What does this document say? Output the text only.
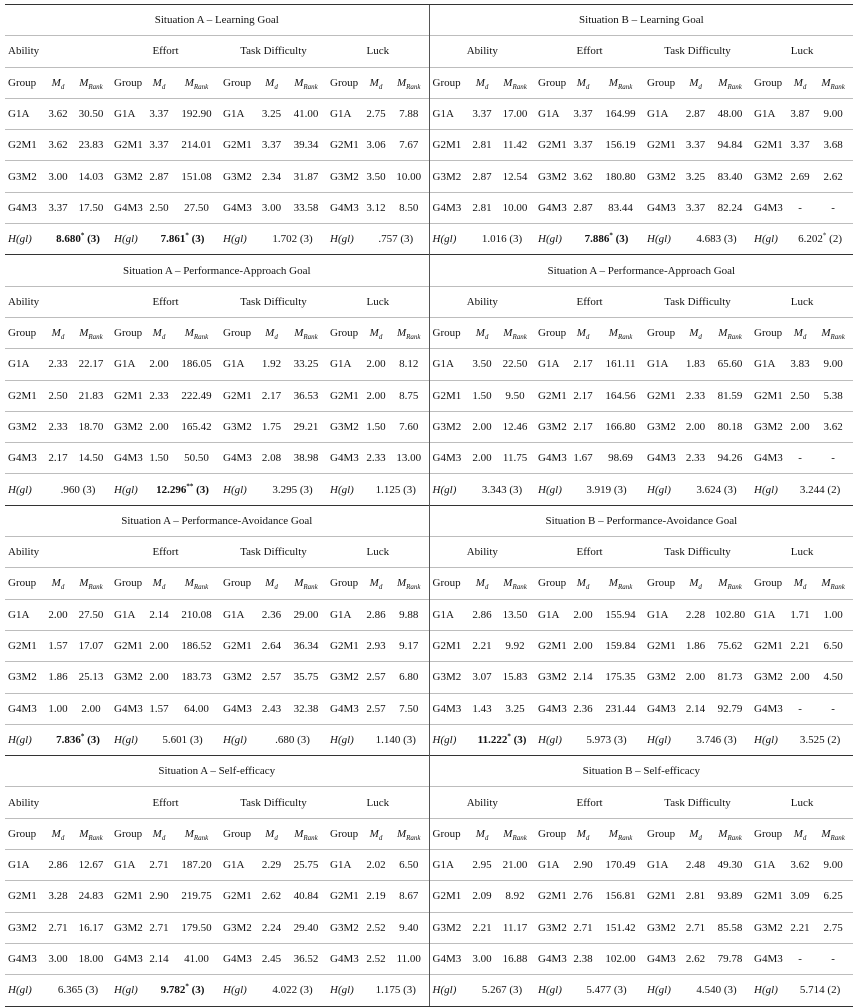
Situation A – Learning Goal												Situation B – Learning Goal											
Ability			Effort			Task Difficulty			Luck			Ability			Effort			Task Difficulty			Luck		
Group	$M_d$	$M_{Rank}$	Group	$M_d$	$M_{Rank}$	Group	$M_d$	$M_{Rank}$	Group	$M_d$	$M_{Rank}$	Group	$M_d$	$M_{Rank}$	Group	$M_d$	$M_{Rank}$	Group	$M_d$	$M_{Rank}$	Group	$M_d$	$M_{Rank}$
G1A	3.62	30.50	G1A	3.37	192.90	G1A	3.25	41.00	G1A	2.75	7.88	G1A	3.37	17.00	G1A	3.37	164.99	G1A	2.87	48.00	G1A	3.87	9.00
G2M1	3.62	23.83	G2M1	3.37	214.01	G2M1	3.37	39.34	G2M1	3.06	7.67	G2M1	2.81	11.42	G2M1	3.37	156.19	G2M1	3.37	94.84	G2M1	3.37	3.68
G3M2	3.00	14.03	G3M2	2.87	151.08	G3M2	2.34	31.87	G3M2	3.50	10.00	G3M2	2.87	12.54	G3M2	3.62	180.80	G3M2	3.25	83.40	G3M2	2.69	2.62
G4M3	3.37	17.50	G4M3	2.50	27.50	G4M3	3.00	33.58	G4M3	3.12	8.50	G4M3	2.81	10.00	G4M3	2.87	83.44	G4M3	3.37	82.24	G4M3	-	-
H(gl)	8.680* (3)		H(gl)	7.861* (3)		H(gl)	1.702 (3)		H(gl)	.757 (3)		H(gl)	1.016 (3)		H(gl)	7.886* (3)		H(gl)	4.683 (3)		H(gl)	6.202* (2)	
Situation A – Performance-Approach Goal												Situation A – Performance-Approach Goal											
Ability			Effort			Task Difficulty			Luck			Ability			Effort			Task Difficulty			Luck		
Group	$M_d$	$M_{Rank}$	Group	$M_d$	$M_{Rank}$	Group	$M_d$	$M_{Rank}$	Group	$M_d$	$M_{Rank}$	Group	$M_d$	$M_{Rank}$	Group	$M_d$	$M_{Rank}$	Group	$M_d$	$M_{Rank}$	Group	$M_d$	$M_{Rank}$
G1A	2.33	22.17	G1A	2.00	186.05	G1A	1.92	33.25	G1A	2.00	8.12	G1A	3.50	22.50	G1A	2.17	161.11	G1A	1.83	65.60	G1A	3.83	9.00
G2M1	2.50	21.83	G2M1	2.33	222.49	G2M1	2.17	36.53	G2M1	2.00	8.75	G2M1	1.50	9.50	G2M1	2.17	164.56	G2M1	2.33	81.59	G2M1	2.50	5.38
G3M2	2.33	18.70	G3M2	2.00	165.42	G3M2	1.75	29.21	G3M2	1.50	7.60	G3M2	2.00	12.46	G3M2	2.17	166.80	G3M2	2.00	80.18	G3M2	2.00	3.62
G4M3	2.17	14.50	G4M3	1.50	50.50	G4M3	2.08	38.98	G4M3	2.33	13.00	G4M3	2.00	11.75	G4M3	1.67	98.69	G4M3	2.33	94.26	G4M3	-	-
H(gl)	.960 (3)		H(gl)	12.296** (3)		H(gl)	3.295 (3)		H(gl)	1.125 (3)		H(gl)	3.343 (3)		H(gl)	3.919 (3)		H(gl)	3.624 (3)		H(gl)	3.244 (2)	
Situation A – Performance-Avoidance Goal												Situation B – Performance-Avoidance Goal											
Ability			Effort			Task Difficulty			Luck			Ability			Effort			Task Difficulty			Luck		
Group	$M_d$	$M_{Rank}$	Group	$M_d$	$M_{Rank}$	Group	$M_d$	$M_{Rank}$	Group	$M_d$	$M_{Rank}$	Group	$M_d$	$M_{Rank}$	Group	$M_d$	$M_{Rank}$	Group	$M_d$	$M_{Rank}$	Group	$M_d$	$M_{Rank}$
G1A	2.00	27.50	G1A	2.14	210.08	G1A	2.36	29.00	G1A	2.86	9.88	G1A	2.86	13.50	G1A	2.00	155.94	G1A	2.28	102.80	G1A	1.71	1.00
G2M1	1.57	17.07	G2M1	2.00	186.52	G2M1	2.64	36.34	G2M1	2.93	9.17	G2M1	2.21	9.92	G2M1	2.00	159.84	G2M1	1.86	75.62	G2M1	2.21	6.50
G3M2	1.86	25.13	G3M2	2.00	183.73	G3M2	2.57	35.75	G3M2	2.57	6.80	G3M2	3.07	15.83	G3M2	2.14	175.35	G3M2	2.00	81.73	G3M2	2.00	4.50
G4M3	1.00	2.00	G4M3	1.57	64.00	G4M3	2.43	32.38	G4M3	2.57	7.50	G4M3	1.43	3.25	G4M3	2.36	231.44	G4M3	2.14	92.79	G4M3	-	-
H(gl)	7.836* (3)		H(gl)	5.601 (3)		H(gl)	.680 (3)		H(gl)	1.140 (3)		H(gl)	11.222* (3)		H(gl)	5.973 (3)		H(gl)	3.746 (3)		H(gl)	3.525 (2)	
Situation A – Self-efficacy												Situation B – Self-efficacy											
Ability			Effort			Task Difficulty			Luck			Ability			Effort			Task Difficulty			Luck		
Group	$M_d$	$M_{Rank}$	Group	$M_d$	$M_{Rank}$	Group	$M_d$	$M_{Rank}$	Group	$M_d$	$M_{Rank}$	Group	$M_d$	$M_{Rank}$	Group	$M_d$	$M_{Rank}$	Group	$M_d$	$M_{Rank}$	Group	$M_d$	$M_{Rank}$
G1A	2.86	12.67	G1A	2.71	187.20	G1A	2.29	25.75	G1A	2.02	6.50	G1A	2.95	21.00	G1A	2.90	170.49	G1A	2.48	49.30	G1A	3.62	9.00
G2M1	3.28	24.83	G2M1	2.90	219.75	G2M1	2.62	40.84	G2M1	2.19	8.67	G2M1	2.09	8.92	G2M1	2.76	156.81	G2M1	2.81	93.89	G2M1	3.09	6.25
G3M2	2.71	16.17	G3M2	2.71	179.50	G3M2	2.24	29.40	G3M2	2.52	9.40	G3M2	2.21	11.17	G3M2	2.71	151.42	G3M2	2.71	85.58	G3M2	2.21	2.75
G4M3	3.00	18.00	G4M3	2.14	41.00	G4M3	2.45	36.52	G4M3	2.52	11.00	G4M3	3.00	16.88	G4M3	2.38	102.00	G4M3	2.62	79.78	G4M3	-	-
H(gl)	6.365 (3)		H(gl)	9.782* (3)		H(gl)	4.022 (3)		H(gl)	1.175 (3)		H(gl)	5.267 (3)		H(gl)	5.477 (3)		H(gl)	4.540 (3)		H(gl)	5.714 (2)	
